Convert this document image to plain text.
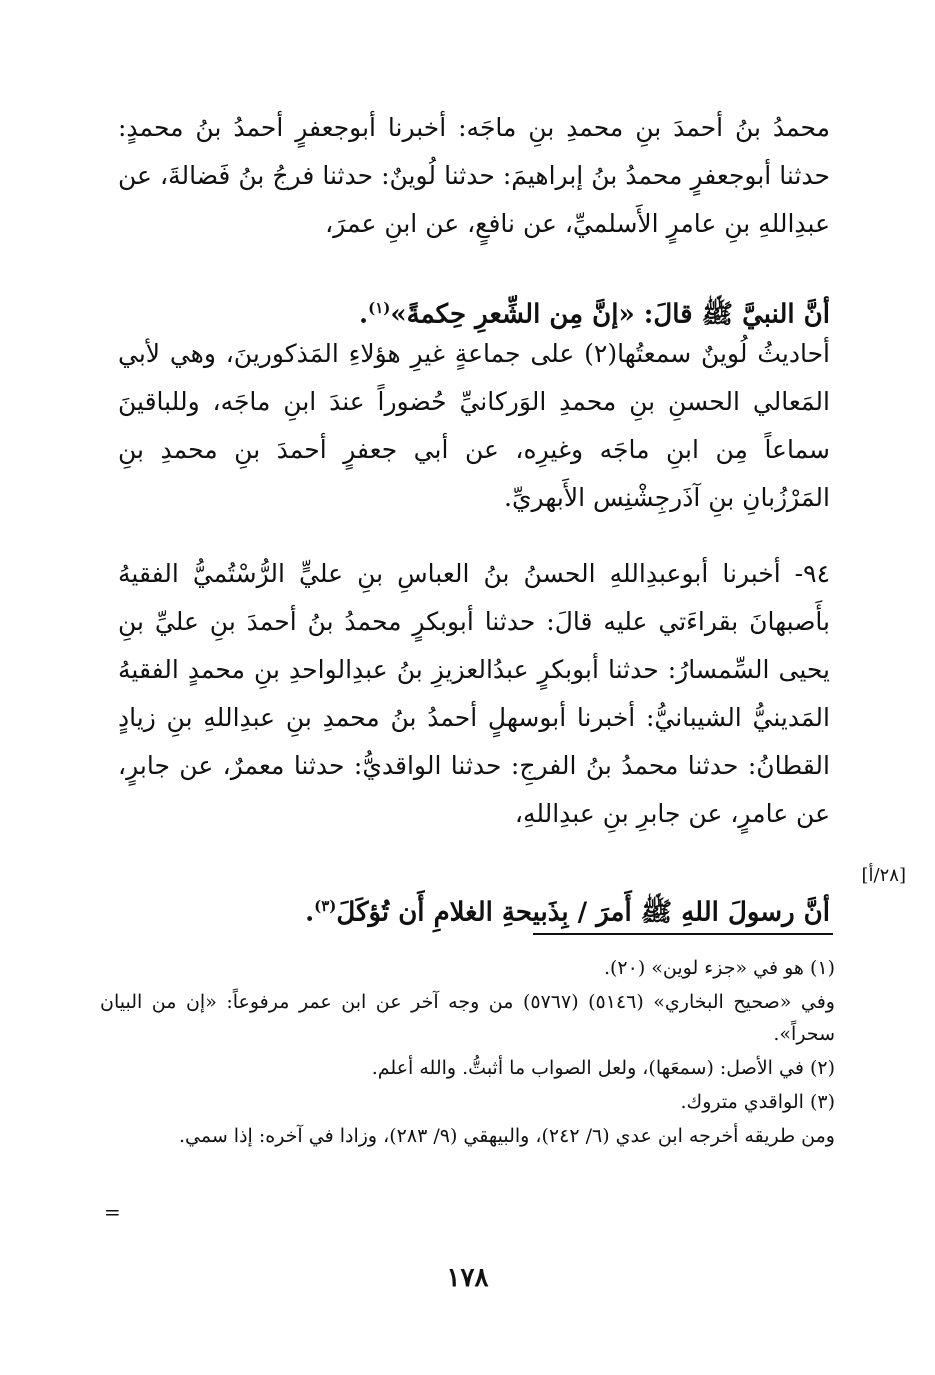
محمدُ بنُ أحمدَ بنِ محمدِ بنِ ماجَه: أخبرنا أبوجعفرٍ أحمدُ بنُ محمدٍ: حدثنا أبوجعفرٍ محمدُ بنُ إبراهيمَ: حدثنا لُوينٌ: حدثنا فرجُ بنُ فَضالةَ، عن عبدِاللهِ بنِ عامرٍ الأَسلميِّ، عن نافعٍ، عن ابنِ عمرَ،

أنَّ النبيَّ ﷺ قالَ: «إنَّ مِن الشِّعرِ حِكمةً»$^{(١)}$.

أحاديثُ لُوينٌ سمعتُها(٢) على جماعةٍ غيرِ هؤلاءِ المَذكورينَ، وهي لأبي المَعالي الحسنِ بنِ محمدِ الوَركانيِّ حُضوراً عندَ ابنِ ماجَه، وللباقينَ سماعاً مِن ابنِ ماجَه وغيرِه، عن أبي جعفرٍ أحمدَ بنِ محمدِ بنِ المَرْزُبانِ بنِ آذَرجِشْنِس الأَبهريِّ.

٩٤- أخبرنا أبوعبدِاللهِ الحسنُ بنُ العباسِ بنِ عليٍّ الرُّسْتُميُّ الفقيهُ بأَصبهانَ بقراءَتي عليه قالَ: حدثنا أبوبكرٍ محمدُ بنُ أحمدَ بنِ عليِّ بنِ يحيى السِّمسارُ: حدثنا أبوبكرٍ عبدُالعزيزِ بنُ عبدِالواحدِ بنِ محمدٍ الفقيهُ المَدينيُّ الشيبانيُّ: أخبرنا أبوسهلٍ أحمدُ بنُ محمدِ بنِ عبدِاللهِ بنِ زيادٍ القطانُ: حدثنا محمدُ بنُ الفرجِ: حدثنا الواقديُّ: حدثنا معمرٌ، عن جابرٍ، عن عامرٍ، عن جابرِ بنِ عبدِاللهِ،

أنَّ رسولَ اللهِ ﷺ أَمرَ / بِذَبيحةِ الغلامِ أَن تُؤكَلَ$^{(٣)}$.

[٢٨/أ]

(١) هو في «جزء لوين» (٢٠).

وفي «صحيح البخاري» (٥١٤٦) (٥٧٦٧) من وجه آخر عن ابن عمر مرفوعاً: «إن من البيان سحراً».

(٢) في الأصل: (سمعَها)، ولعل الصواب ما أثبتُّ. والله أعلم.

(٣) الواقدي متروك.

ومن طريقه أخرجه ابن عدي (٦/ ٢٤٢)، والبيهقي (٩/ ٢٨٣)، وزادا في آخره: إذا سمي.

=
١٧٨
